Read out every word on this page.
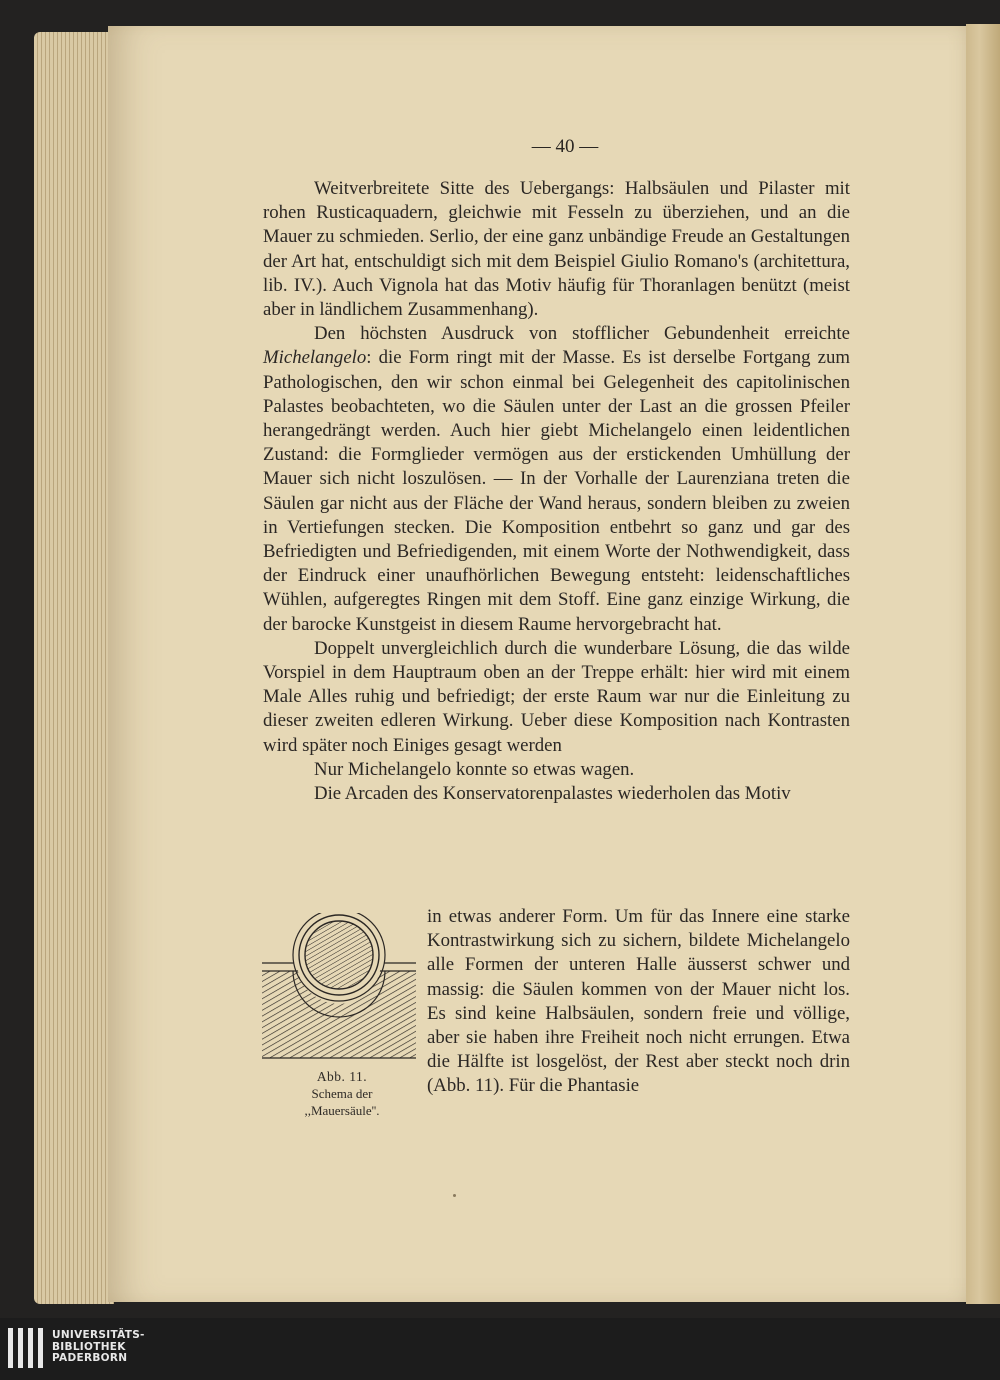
— 40 —

Weitverbreitete Sitte des Uebergangs: Halbsäulen und Pilaster mit rohen Rusticaquadern, gleichwie mit Fesseln zu überziehen, und an die Mauer zu schmieden. Serlio, der eine ganz unbändige Freude an Gestaltungen der Art hat, entschuldigt sich mit dem Beispiel Giulio Romano's (architettura, lib. IV.). Auch Vignola hat das Motiv häufig für Thoranlagen benützt (meist aber in ländlichem Zusammenhang).

Den höchsten Ausdruck von stofflicher Gebundenheit erreichte Michelangelo: die Form ringt mit der Masse. Es ist derselbe Fortgang zum Pathologischen, den wir schon einmal bei Gelegenheit des capitolinischen Palastes beobachteten, wo die Säulen unter der Last an die grossen Pfeiler herangedrängt werden. Auch hier giebt Michelangelo einen leidentlichen Zustand: die Formglieder vermögen aus der erstickenden Umhüllung der Mauer sich nicht loszulösen. — In der Vorhalle der Laurenziana treten die Säulen gar nicht aus der Fläche der Wand heraus, sondern bleiben zu zweien in Vertiefungen stecken. Die Komposition entbehrt so ganz und gar des Befriedigten und Befriedigenden, mit einem Worte der Nothwendigkeit, dass der Eindruck einer unaufhörlichen Bewegung entsteht: leidenschaftliches Wühlen, aufgeregtes Ringen mit dem Stoff. Eine ganz einzige Wirkung, die der barocke Kunstgeist in diesem Raume hervorgebracht hat.

Doppelt unvergleichlich durch die wunderbare Lösung, die das wilde Vorspiel in dem Hauptraum oben an der Treppe erhält: hier wird mit einem Male Alles ruhig und befriedigt; der erste Raum war nur die Einleitung zu dieser zweiten edleren Wirkung. Ueber diese Komposition nach Kontrasten wird später noch Einiges gesagt werden

Nur Michelangelo konnte so etwas wagen.

Die Arcaden des Konservatorenpalastes wiederholen das Motiv

in etwas anderer Form. Um für das Innere eine starke Kontrastwirkung sich zu sichern, bildete Michelangelo alle Formen der unteren Halle äusserst schwer und massig: die Säulen kommen von der Mauer nicht los. Es sind keine Halbsäulen, sondern freie und völlige, aber sie haben ihre Freiheit noch nicht errungen. Etwa die Hälfte ist losgelöst, der Rest aber steckt noch drin (Abb. 11). Für die Phantasie

Abb. 11.
Schema der
,,Mauersäule''.
UNIVERSITÄTS-
BIBLIOTHEK
PADERBORN
